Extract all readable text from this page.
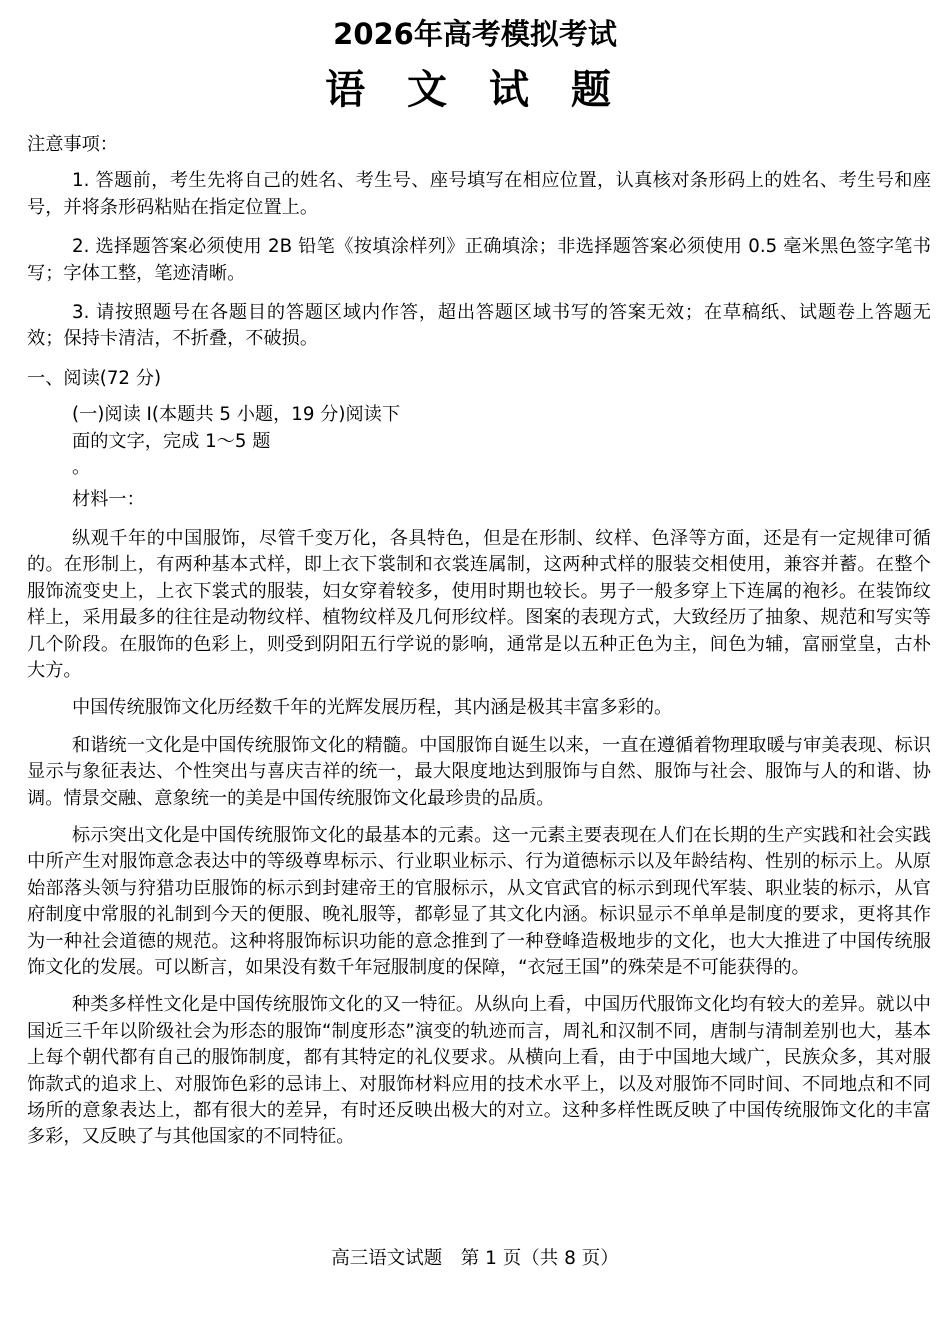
2026年高考模拟考试
语 文 试 题

注意事项：

1. 答题前，考生先将自己的姓名、考生号、座号填写在相应位置，认真核对条形码上的姓名、考生号和座号，并将条形码粘贴在指定位置上。

2. 选择题答案必须使用 2B 铅笔《按填涂样列》正确填涂；非选择题答案必须使用 0.5 毫米黑色签字笔书写；字体工整，笔迹清晰。

3. 请按照题号在各题目的答题区域内作答，超出答题区域书写的答案无效；在草稿纸、试题卷上答题无效；保持卡清洁，不折叠，不破损。

一、阅读(72 分)

(一)阅读 Ⅰ(本题共 5 小题，19 分)阅读下面的文字，完成 1～5 题

。

材料一：

纵观千年的中国服饰，尽管千变万化，各具特色，但是在形制、纹样、色泽等方面，还是有一定规律可循的。在形制上，有两种基本式样，即上衣下裳制和衣裳连属制，这两种式样的服装交相使用，兼容并蓄。在整个服饰流变史上，上衣下裳式的服装，妇女穿着较多，使用时期也较长。男子一般多穿上下连属的袍衫。在装饰纹样上，采用最多的往往是动物纹样、植物纹样及几何形纹样。图案的表现方式，大致经历了抽象、规范和写实等几个阶段。在服饰的色彩上，则受到阴阳五行学说的影响，通常是以五种正色为主，间色为辅，富丽堂皇，古朴大方。

中国传统服饰文化历经数千年的光辉发展历程，其内涵是极其丰富多彩的。

和谐统一文化是中国传统服饰文化的精髓。中国服饰自诞生以来，一直在遵循着物理取暖与审美表现、标识显示与象征表达、个性突出与喜庆吉祥的统一，最大限度地达到服饰与自然、服饰与社会、服饰与人的和谐、协调。情景交融、意象统一的美是中国传统服饰文化最珍贵的品质。

标示突出文化是中国传统服饰文化的最基本的元素。这一元素主要表现在人们在长期的生产实践和社会实践中所产生对服饰意念表达中的等级尊卑标示、行业职业标示、行为道德标示以及年龄结构、性别的标示上。从原始部落头领与狩猎功臣服饰的标示到封建帝王的官服标示，从文官武官的标示到现代军装、职业装的标示，从官府制度中常服的礼制到今天的便服、晚礼服等，都彰显了其文化内涵。标识显示不单单是制度的要求，更将其作为一种社会道德的规范。这种将服饰标识功能的意念推到了一种登峰造极地步的文化，也大大推进了中国传统服饰文化的发展。可以断言，如果没有数千年冠服制度的保障，“衣冠王国”的殊荣是不可能获得的。

种类多样性文化是中国传统服饰文化的又一特征。从纵向上看，中国历代服饰文化均有较大的差异。就以中国近三千年以阶级社会为形态的服饰“制度形态”演变的轨迹而言，周礼和汉制不同，唐制与清制差别也大，基本上每个朝代都有自己的服饰制度，都有其特定的礼仪要求。从横向上看，由于中国地大域广，民族众多，其对服饰款式的追求上、对服饰色彩的忌讳上、对服饰材料应用的技术水平上，以及对服饰不同时间、不同地点和不同场所的意象表达上，都有很大的差异，有时还反映出极大的对立。这种多样性既反映了中国传统服饰文化的丰富多彩，又反映了与其他国家的不同特征。

高三语文试题　第 1 页（共 8 页）
